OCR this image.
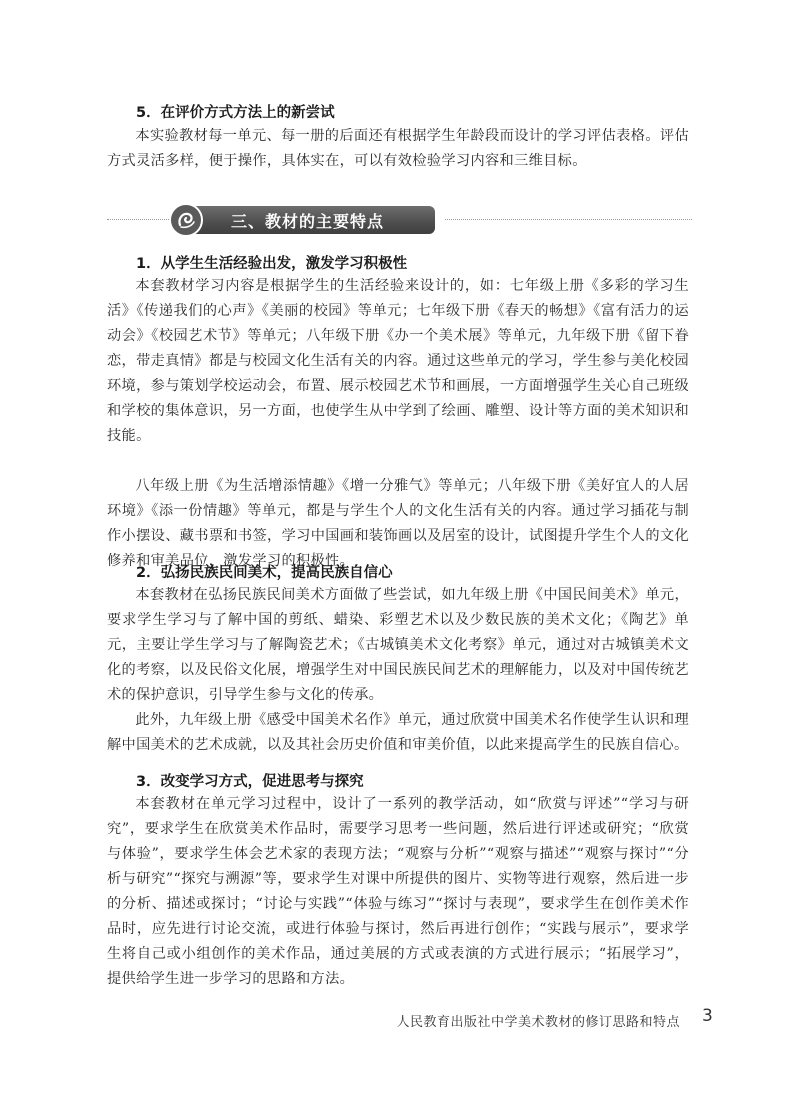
5．在评价方式方法上的新尝试

本实验教材每一单元、每一册的后面还有根据学生年龄段而设计的学习评估表格。评估方式灵活多样，便于操作，具体实在，可以有效检验学习内容和三维目标。

三、教材的主要特点
1．从学生生活经验出发，激发学习积极性

本套教材学习内容是根据学生的生活经验来设计的，如：七年级上册《多彩的学习生活》《传递我们的心声》《美丽的校园》等单元；七年级下册《春天的畅想》《富有活力的运动会》《校园艺术节》等单元；八年级下册《办一个美术展》等单元，九年级下册《留下眷恋，带走真情》都是与校园文化生活有关的内容。通过这些单元的学习，学生参与美化校园环境，参与策划学校运动会，布置、展示校园艺术节和画展，一方面增强学生关心自己班级和学校的集体意识，另一方面，也使学生从中学到了绘画、雕塑、设计等方面的美术知识和技能。

八年级上册《为生活增添情趣》《增一分雅气》等单元；八年级下册《美好宜人的人居环境》《添一份情趣》等单元，都是与学生个人的文化生活有关的内容。通过学习插花与制作小摆设、藏书票和书签，学习中国画和装饰画以及居室的设计，试图提升学生个人的文化修养和审美品位，激发学习的积极性。

2．弘扬民族民间美术，提高民族自信心

本套教材在弘扬民族民间美术方面做了些尝试，如九年级上册《中国民间美术》单元，要求学生学习与了解中国的剪纸、蜡染、彩塑艺术以及少数民族的美术文化；《陶艺》单元，主要让学生学习与了解陶瓷艺术；《古城镇美术文化考察》单元，通过对古城镇美术文化的考察，以及民俗文化展，增强学生对中国民族民间艺术的理解能力，以及对中国传统艺术的保护意识，引导学生参与文化的传承。

此外，九年级上册《感受中国美术名作》单元，通过欣赏中国美术名作使学生认识和理解中国美术的艺术成就，以及其社会历史价值和审美价值，以此来提高学生的民族自信心。

3．改变学习方式，促进思考与探究

本套教材在单元学习过程中，设计了一系列的教学活动，如“欣赏与评述”“学习与研究”，要求学生在欣赏美术作品时，需要学习思考一些问题，然后进行评述或研究；“欣赏与体验”，要求学生体会艺术家的表现方法；“观察与分析”“观察与描述”“观察与探讨”“分析与研究”“探究与溯源”等，要求学生对课中所提供的图片、实物等进行观察，然后进一步的分析、描述或探讨；“讨论与实践”“体验与练习”“探讨与表现”，要求学生在创作美术作品时，应先进行讨论交流，或进行体验与探讨，然后再进行创作；“实践与展示”，要求学生将自己或小组创作的美术作品，通过美展的方式或表演的方式进行展示；“拓展学习”，提供给学生进一步学习的思路和方法。

人民教育出版社中学美术教材的修订思路和特点 3
